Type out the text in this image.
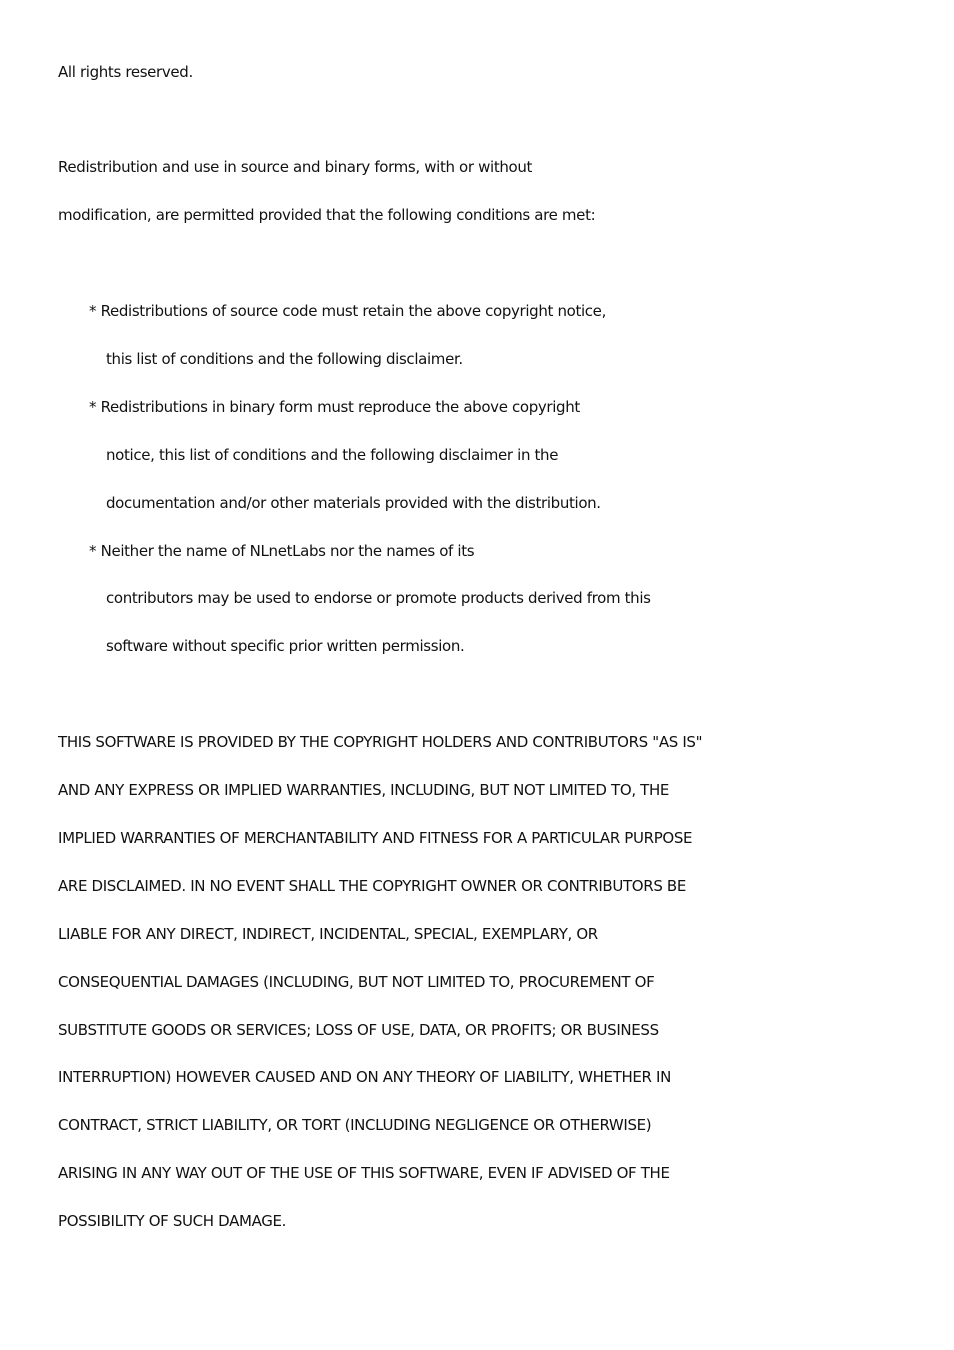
All rights reserved.
Redistribution and use in source and binary forms, with or without
modification, are permitted provided that the following conditions are met:
* Redistributions of source code must retain the above copyright notice,
this list of conditions and the following disclaimer.
* Redistributions in binary form must reproduce the above copyright
notice, this list of conditions and the following disclaimer in the
documentation and/or other materials provided with the distribution.
* Neither the name of NLnetLabs nor the names of its
contributors may be used to endorse or promote products derived from this
software without specific prior written permission.
THIS SOFTWARE IS PROVIDED BY THE COPYRIGHT HOLDERS AND CONTRIBUTORS "AS IS"
AND ANY EXPRESS OR IMPLIED WARRANTIES, INCLUDING, BUT NOT LIMITED TO, THE
IMPLIED WARRANTIES OF MERCHANTABILITY AND FITNESS FOR A PARTICULAR PURPOSE
ARE DISCLAIMED. IN NO EVENT SHALL THE COPYRIGHT OWNER OR CONTRIBUTORS BE
LIABLE FOR ANY DIRECT, INDIRECT, INCIDENTAL, SPECIAL, EXEMPLARY, OR
CONSEQUENTIAL DAMAGES (INCLUDING, BUT NOT LIMITED TO, PROCUREMENT OF
SUBSTITUTE GOODS OR SERVICES; LOSS OF USE, DATA, OR PROFITS; OR BUSINESS
INTERRUPTION) HOWEVER CAUSED AND ON ANY THEORY OF LIABILITY, WHETHER IN
CONTRACT, STRICT LIABILITY, OR TORT (INCLUDING NEGLIGENCE OR OTHERWISE)
ARISING IN ANY WAY OUT OF THE USE OF THIS SOFTWARE, EVEN IF ADVISED OF THE
POSSIBILITY OF SUCH DAMAGE.
